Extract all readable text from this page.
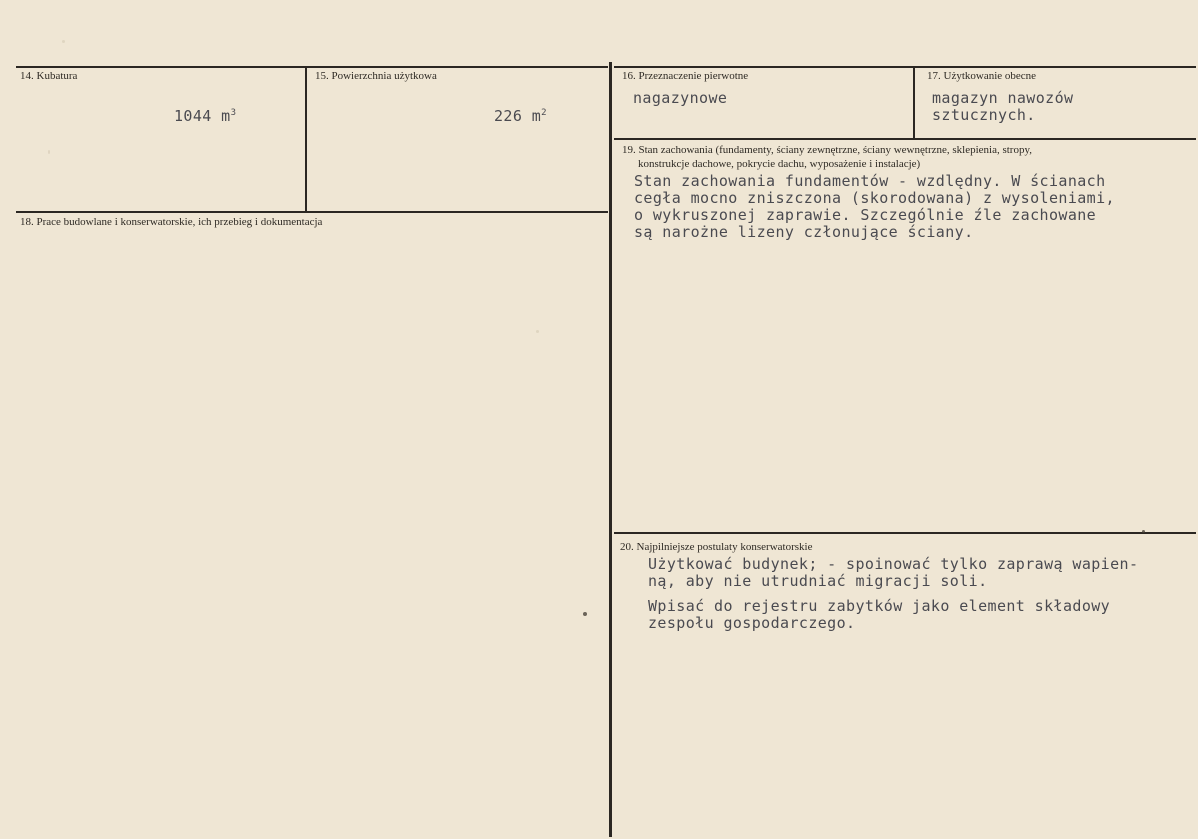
14. Kubatura
1044 $m^3$
15. Powierzchnia użytkowa
226 $m^2$
16. Przeznaczenie pierwotne
nagazynowe
17. Użytkowanie obecne
magazyn nawozów
sztucznych.
18. Prace budowlane i konserwatorskie, ich przebieg i dokumentacja
19. Stan zachowania (fundamenty, ściany zewnętrzne, ściany wewnętrzne, sklepienia, stropy,
konstrukcje dachowe, pokrycie dachu, wyposażenie i instalacje)
Stan zachowania fundamentów - wzdlędny. W ścianach
cegła mocno zniszczona (skorodowana) z wysoleniami,
o wykruszonej zaprawie. Szczególnie źle zachowane
są narożne lizeny członujące ściany.
20. Najpilniejsze postulaty konserwatorskie
Użytkować budynek; - spoinować tylko zaprawą wapien-
ną, aby nie utrudniać migracji soli.
Wpisać do rejestru zabytków jako element składowy
zespołu gospodarczego.
